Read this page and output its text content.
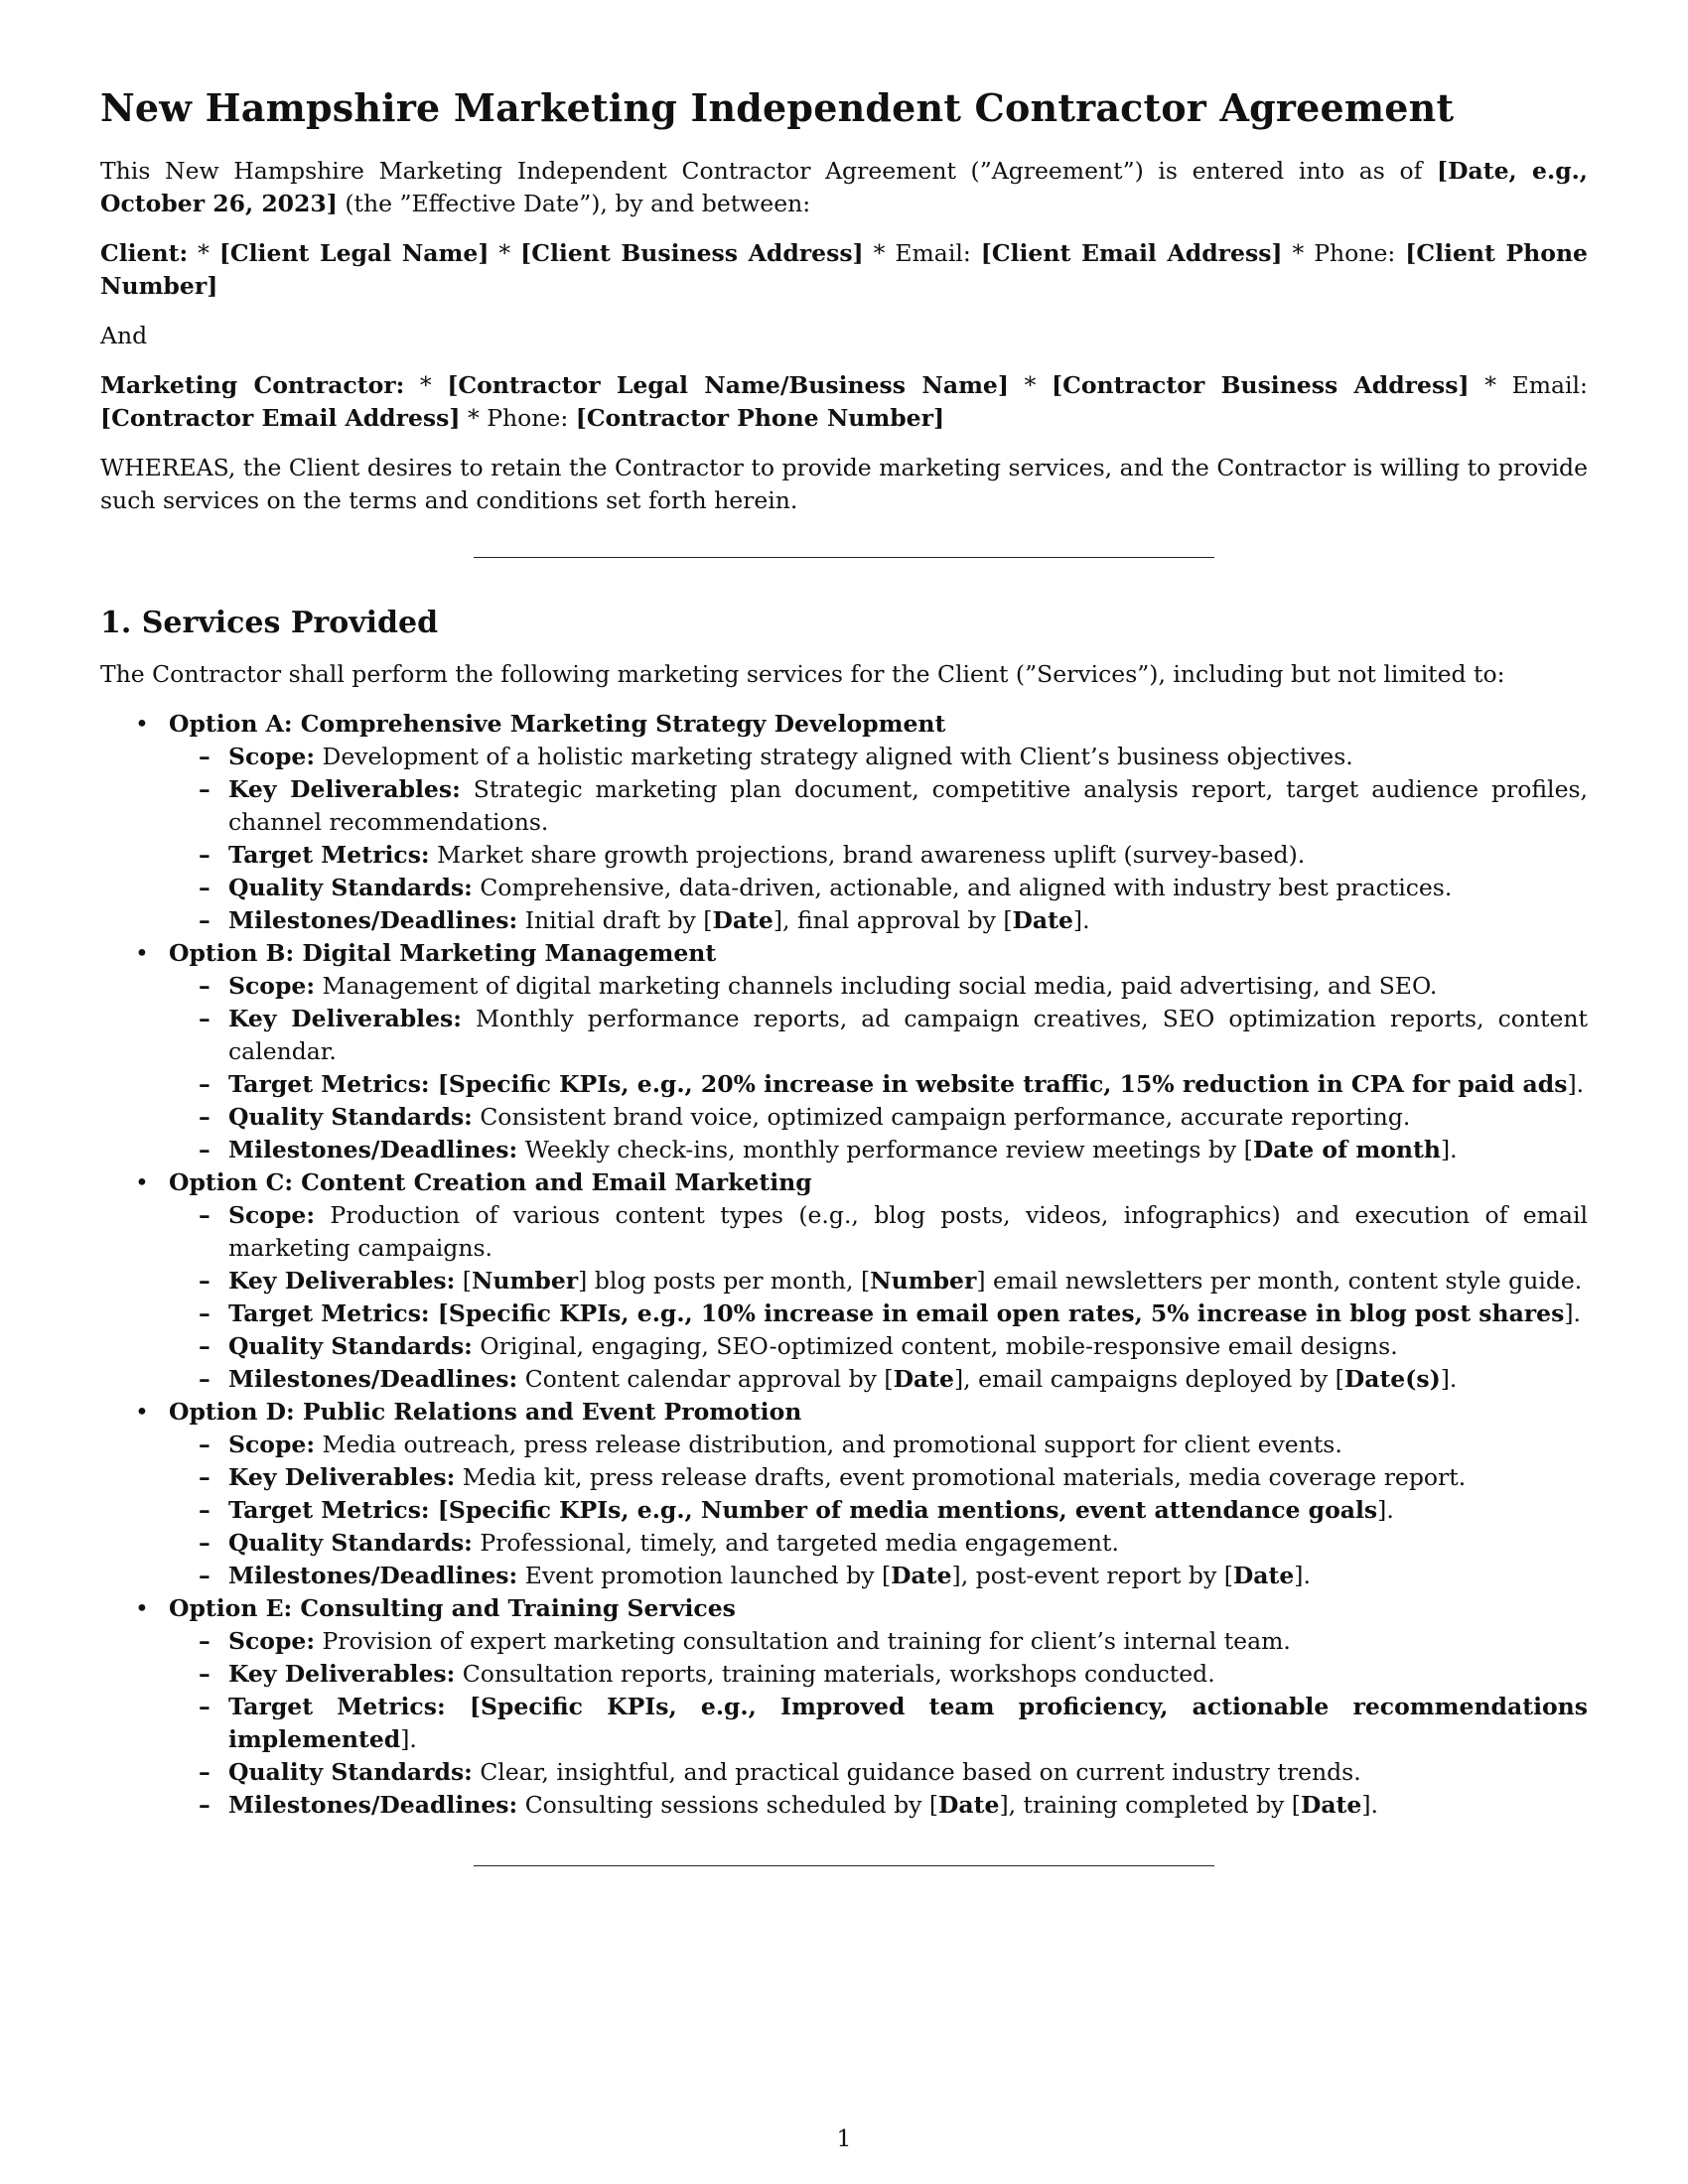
New Hampshire Marketing Independent Contractor Agreement

This New Hampshire Marketing Independent Contractor Agreement (”Agreement”) is entered into as of [Date, e.g., October 26, 2023] (the ”Effective Date”), by and between:

Client: * [Client Legal Name] * [Client Business Address] * Email: [Client Email Address] * Phone: [Client Phone Number]

And

Marketing Contractor: * [Contractor Legal Name/Business Name] * [Contractor Business Address] * Email: [Contractor Email Address] * Phone: [Contractor Phone Number]

WHEREAS, the Client desires to retain the Contractor to provide marketing services, and the Contractor is willing to provide such services on the terms and conditions set forth herein.

1. Services Provided

The Contractor shall perform the following marketing services for the Client (”Services”), including but not limited to:

• Option A: Comprehensive Marketing Strategy Development
– Scope: Development of a holistic marketing strategy aligned with Client’s business objectives.
– Key Deliverables: Strategic marketing plan document, competitive analysis report, target audience profiles, channel recommendations.
– Target Metrics: Market share growth projections, brand awareness uplift (survey-based).
– Quality Standards: Comprehensive, data-driven, actionable, and aligned with industry best practices.
– Milestones/Deadlines: Initial draft by [Date], final approval by [Date].
• Option B: Digital Marketing Management
– Scope: Management of digital marketing channels including social media, paid advertising, and SEO.
– Key Deliverables: Monthly performance reports, ad campaign creatives, SEO optimization reports, content calendar.
– Target Metrics: [Specific KPIs, e.g., 20% increase in website traffic, 15% reduction in CPA for paid ads].
– Quality Standards: Consistent brand voice, optimized campaign performance, accurate reporting.
– Milestones/Deadlines: Weekly check-ins, monthly performance review meetings by [Date of month].
• Option C: Content Creation and Email Marketing
– Scope: Production of various content types (e.g., blog posts, videos, infographics) and execution of email marketing campaigns.
– Key Deliverables: [Number] blog posts per month, [Number] email newsletters per month, content style guide.
– Target Metrics: [Specific KPIs, e.g., 10% increase in email open rates, 5% increase in blog post shares].
– Quality Standards: Original, engaging, SEO-optimized content, mobile-responsive email designs.
– Milestones/Deadlines: Content calendar approval by [Date], email campaigns deployed by [Date(s)].
• Option D: Public Relations and Event Promotion
– Scope: Media outreach, press release distribution, and promotional support for client events.
– Key Deliverables: Media kit, press release drafts, event promotional materials, media coverage report.
– Target Metrics: [Specific KPIs, e.g., Number of media mentions, event attendance goals].
– Quality Standards: Professional, timely, and targeted media engagement.
– Milestones/Deadlines: Event promotion launched by [Date], post-event report by [Date].
• Option E: Consulting and Training Services
– Scope: Provision of expert marketing consultation and training for client’s internal team.
– Key Deliverables: Consultation reports, training materials, workshops conducted.
– Target Metrics: [Specific KPIs, e.g., Improved team proficiency, actionable recommendations implemented].
– Quality Standards: Clear, insightful, and practical guidance based on current industry trends.
– Milestones/Deadlines: Consulting sessions scheduled by [Date], training completed by [Date].
1
